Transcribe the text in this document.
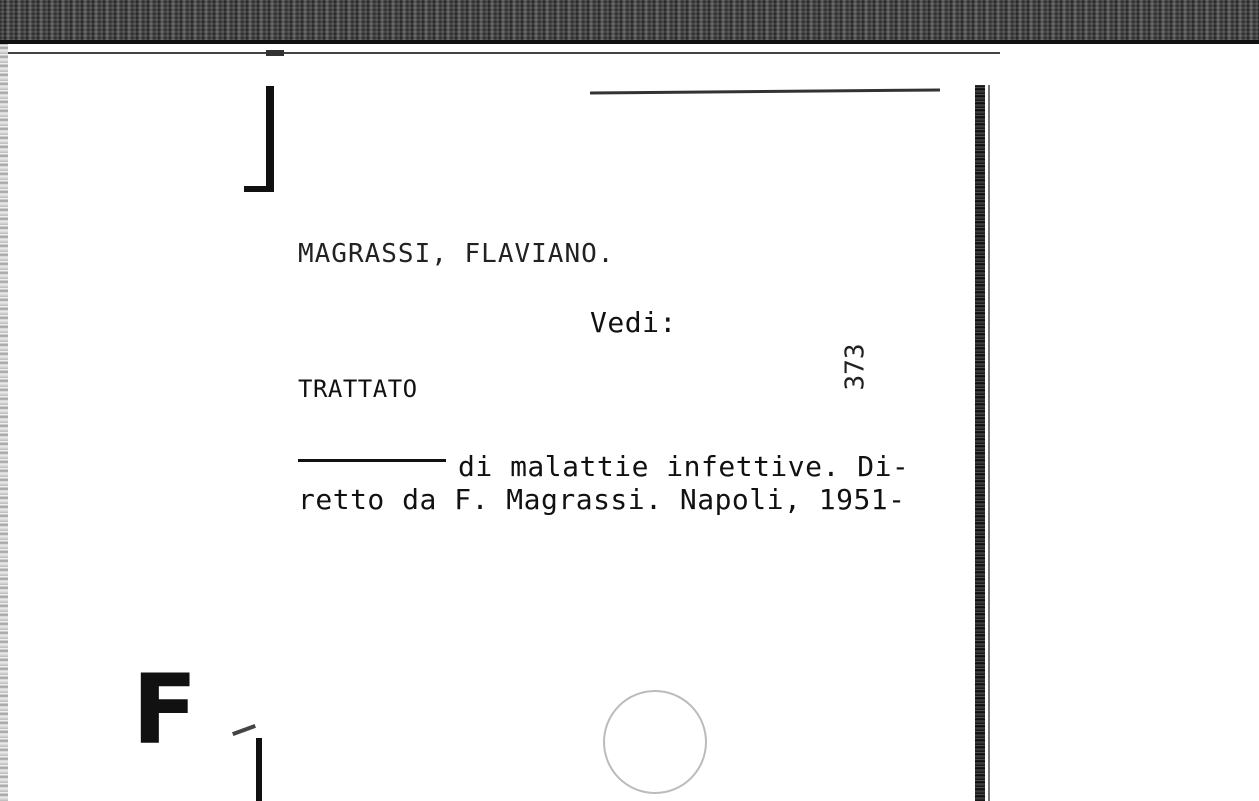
MAGRASSI, FLAVIANO.
Vedi:
373
TRATTATO
di malattie infettive. Di-
retto da F. Magrassi. Napoli, 1951-
F
